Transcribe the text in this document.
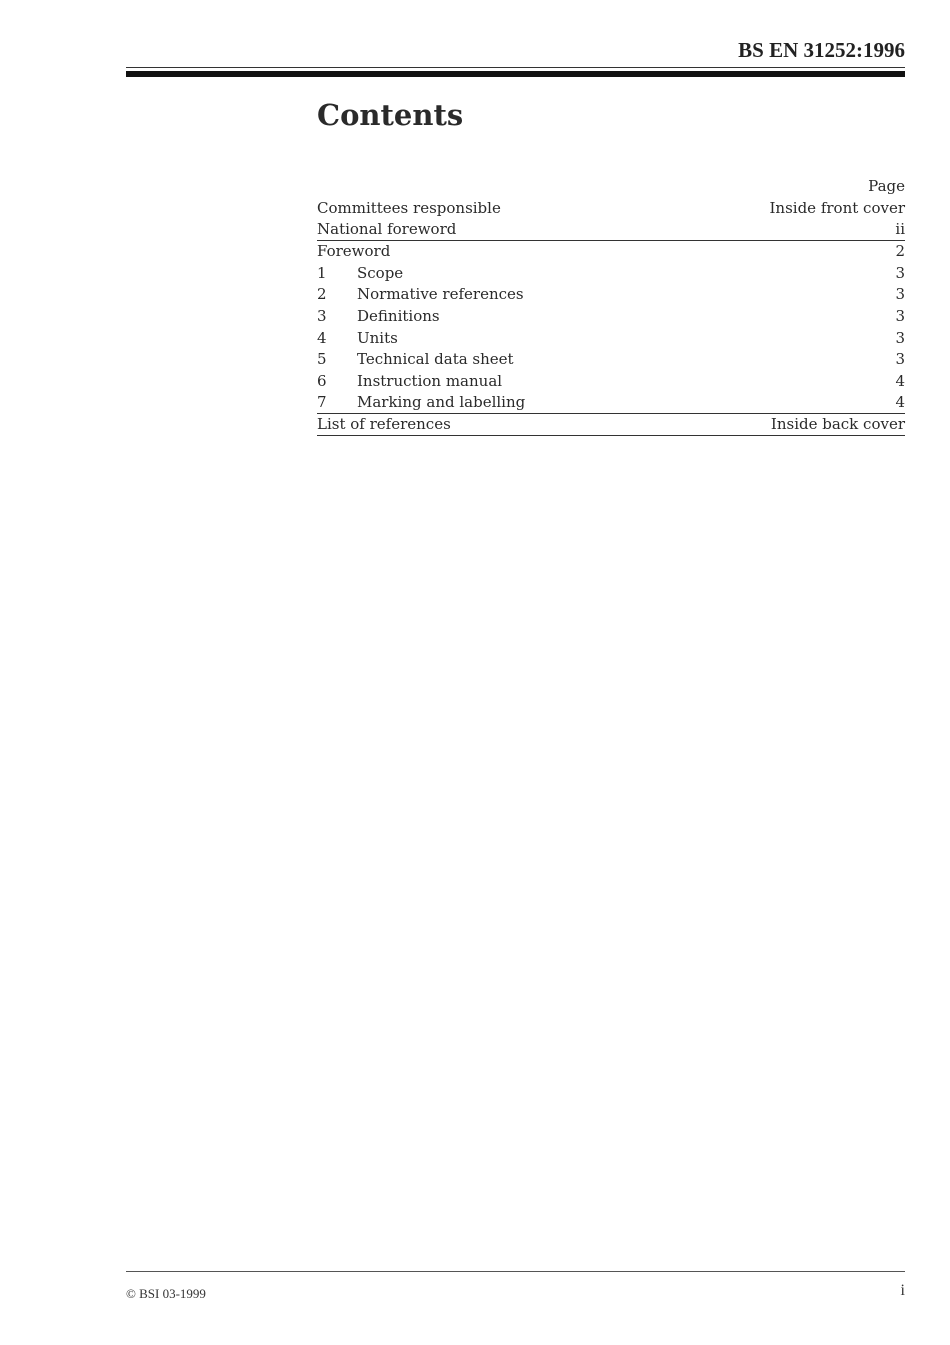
BS EN 31252:1996
Contents
Page
Committees responsible	Inside front cover
National foreword	ii
Foreword	2
1	Scope	3
2	Normative references	3
3	Definitions	3
4	Units	3
5	Technical data sheet	3
6	Instruction manual	4
7	Marking and labelling	4
List of references	Inside back cover
© BSI 03-1999	i
